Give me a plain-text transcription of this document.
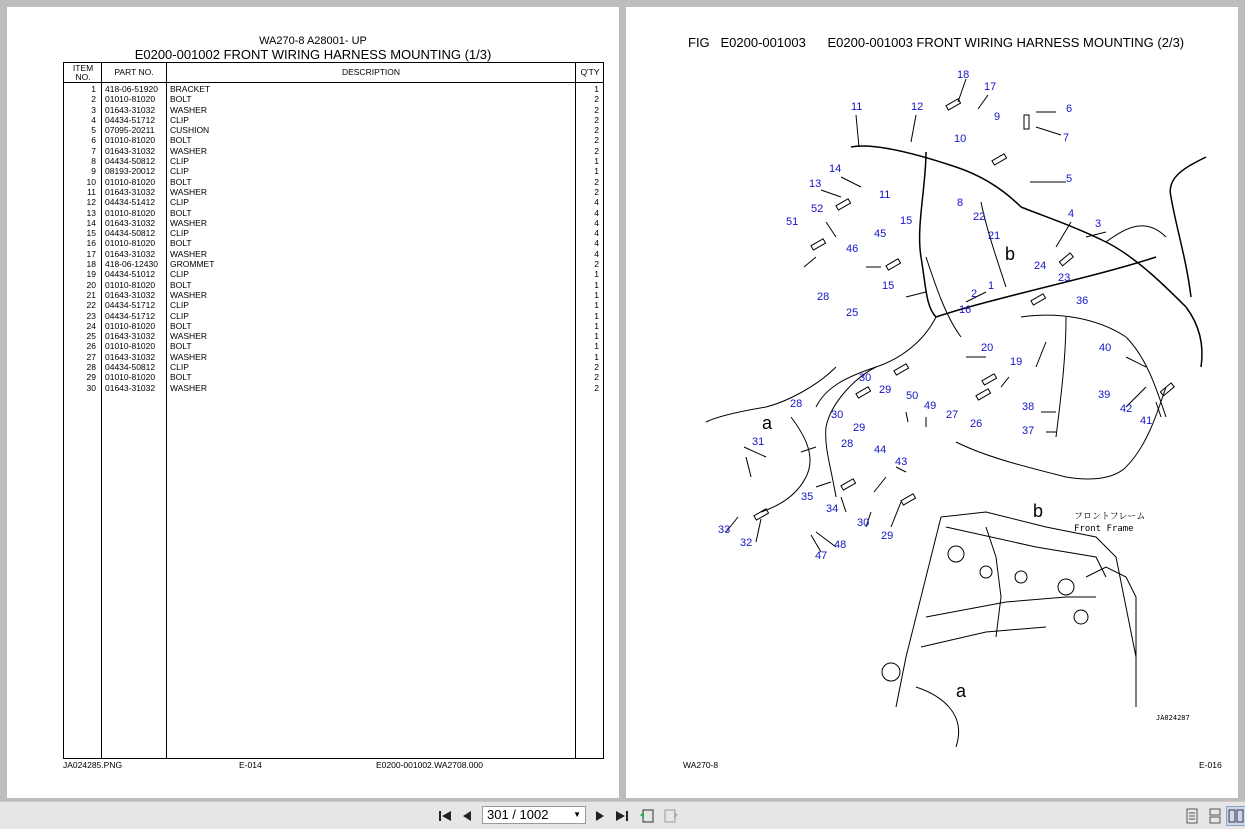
WA270-8 A28001- UP
E0200-001002 FRONT WIRING HARNESS MOUNTING (1/3)
ITEM NO.	PART NO.	DESCRIPTION	Q'TY
1 418-06-51920 BRACKET	1
2 01010-81020 BOLT	2
3 01643-31032 WASHER	2
4 04434-51712 CLIP	2
5 07095-20211 CUSHION	2
6 01010-81020 BOLT	2
7 01643-31032 WASHER	2
8 04434-50812 CLIP	1
9 08193-20012 CLIP	1
10 01010-81020 BOLT	2
11 01643-31032 WASHER	2
12 04434-51412 CLIP	4
13 01010-81020 BOLT	4
14 01643-31032 WASHER	4
15 04434-50812 CLIP	4
16 01010-81020 BOLT	4
17 01643-31032 WASHER	4
18 418-06-12430 GROMMET	2
19 04434-51012 CLIP	1
20 01010-81020 BOLT	1
21 01643-31032 WASHER	1
22 04434-51712 CLIP	1
23 04434-51712 CLIP	1
24 01010-81020 BOLT	1
25 01643-31032 WASHER	1
26 01010-81020 BOLT	1
27 01643-31032 WASHER	1
28 04434-50812 CLIP	2
29 01010-81020 BOLT	2
30 01643-31032 WASHER	2
JA024285.PNG	E-014	E0200-001002.WA2708.000
FIG E0200-001003 E0200-001003 FRONT WIRING HARNESS MOUNTING (2/3)
18
17
6
7
9
10
11	12
14
13
11
8
5
52
51	15	22
21
4
3
45
46
24
23
2
1
15
36
28
25	16
20
19
40
30
29 50
49
39
42
41
28
30
29
27
26
38
37
31	28 44
43
35
34
33
32
30
29
48
47
b
a
b
a
フロントフレーム
Front Frame
JA024287
WA270-8	E-016
301 / 1002	▼
